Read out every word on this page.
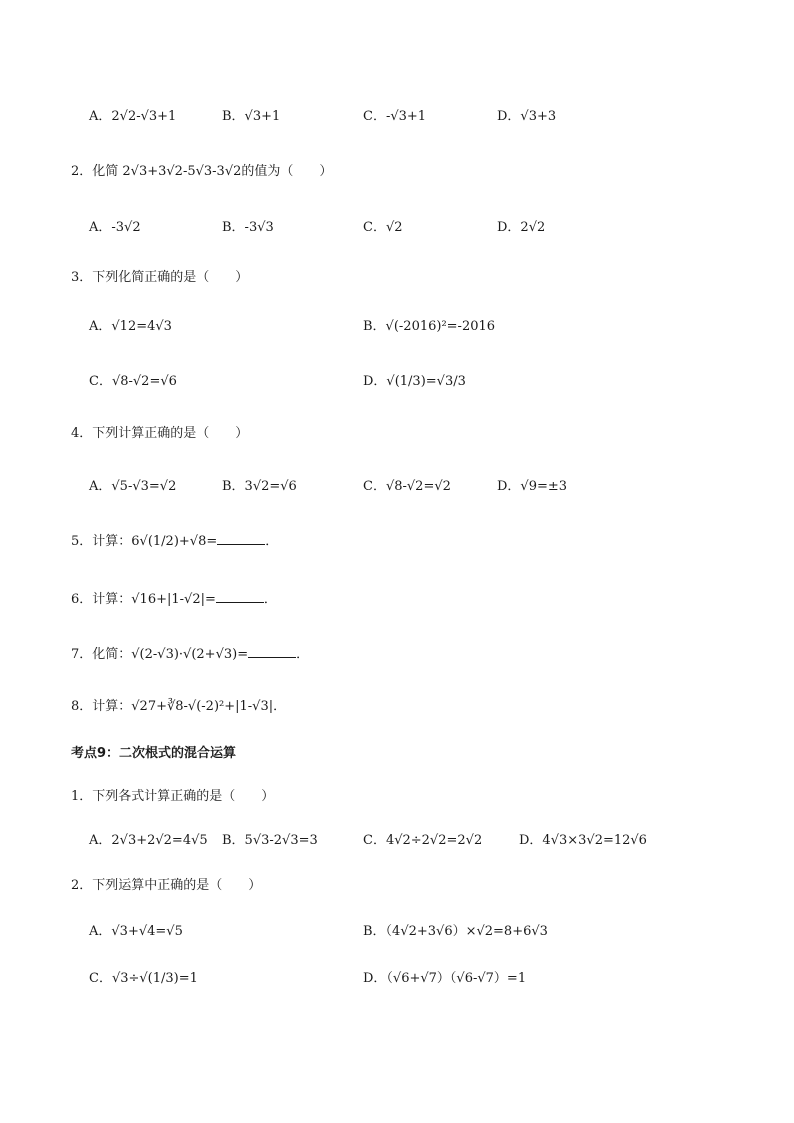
A．2√2-√3+1	B．√3+1	C．-√3+1	D．√3+3
2．化简 2√3+3√2-5√3-3√2的值为（　　）
A．-3√2	B．-3√3	C．√2	D．2√2
3．下列化简正确的是（　　）
A．√12=4√3	B．√(-2016)²=-2016
C．√8-√2=√6	D．√(1/3)=√3/3
4．下列计算正确的是（　　）
A．√5-√3=√2	B．3√2=√6	C．√8-√2=√2	D．√9=±3
5．计算：6√(1/2)+√8=	．
6．计算：√16+|1-√2|=	．
7．化简：√(2-√3)·√(2+√3)=	．
8．计算：√27+∛8-√(-2)²+|1-√3|．
考点9：二次根式的混合运算
1．下列各式计算正确的是（　　）
A．2√3+2√2=4√5 B．5√3-2√3=3	C．4√2÷2√2=2√2	D．4√3×3√2=12√6
2．下列运算中正确的是（　　）
A．√3+√4=√5	B．（4√2+3√6）×√2=8+6√3
C．√3÷√(1/3)=1	D．（√6+√7）（√6-√7）=1
